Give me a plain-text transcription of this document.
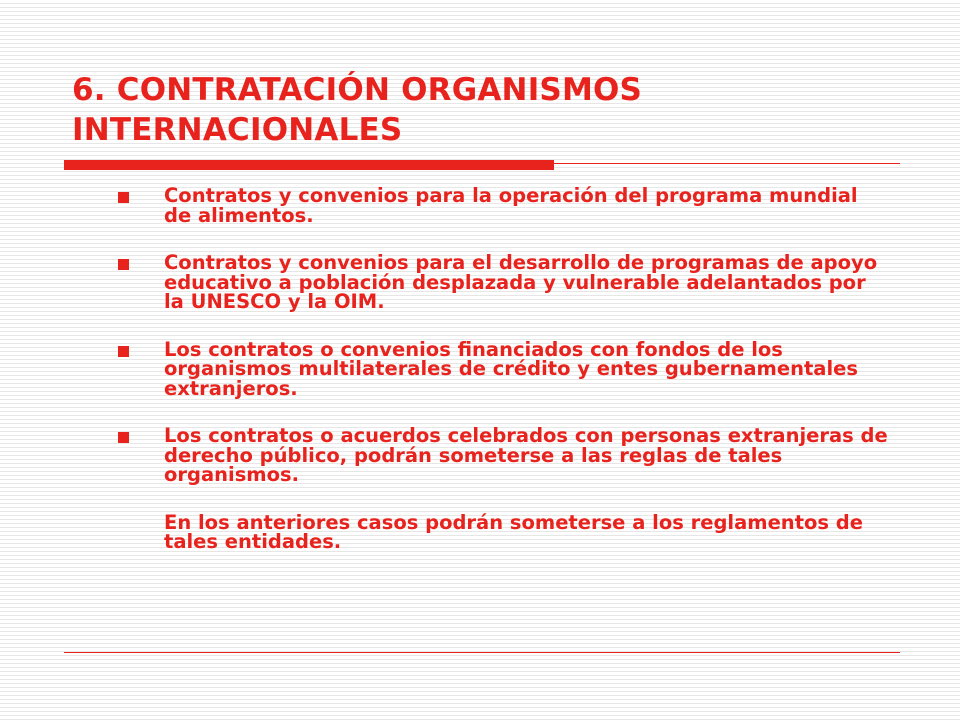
6. CONTRATACIÓN ORGANISMOS INTERNACIONALES
Contratos y convenios para la operación del programa mundial de alimentos.
Contratos y convenios para el desarrollo de programas de apoyo educativo a población desplazada y vulnerable adelantados por la UNESCO y la OIM.
Los contratos o convenios financiados con fondos de los organismos multilaterales de crédito y entes gubernamentales extranjeros.
Los contratos o acuerdos celebrados con personas extranjeras de derecho público, podrán someterse a las reglas de tales organismos.
En los anteriores casos podrán someterse a los reglamentos de tales entidades.
